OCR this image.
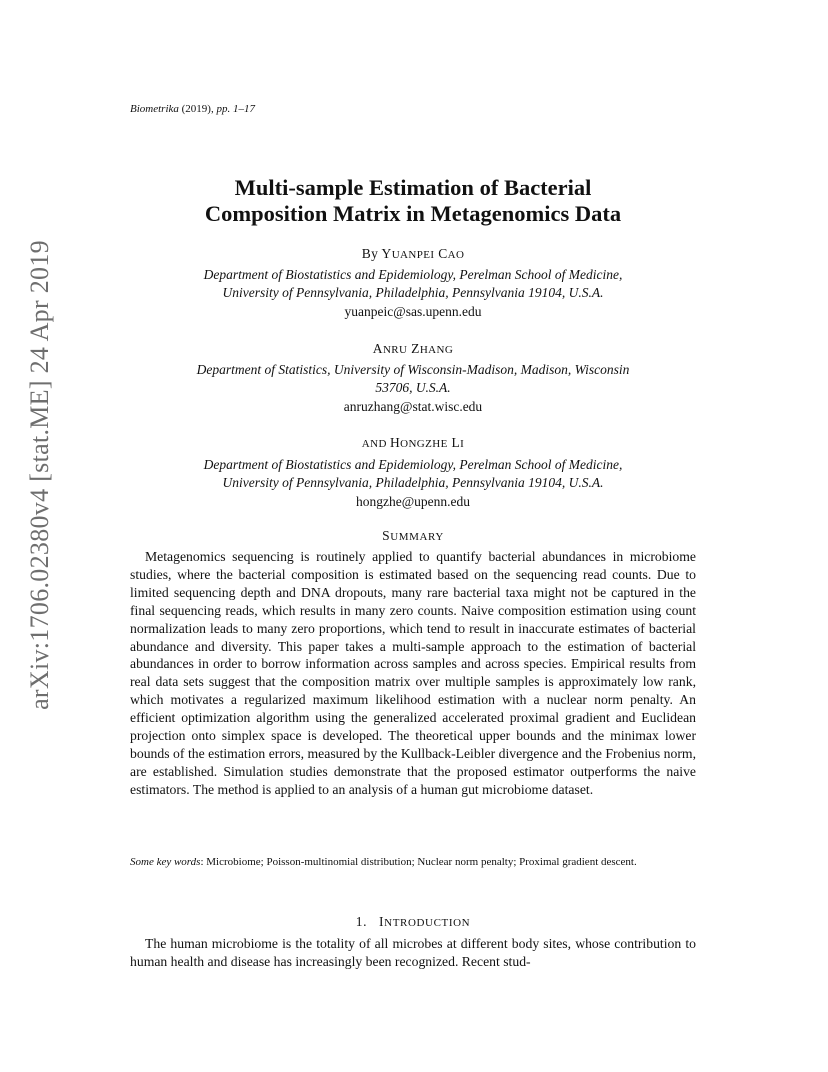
arXiv:1706.02380v4 [stat.ME] 24 Apr 2019
Biometrika (2019), pp. 1–17
Multi-sample Estimation of Bacterial
Composition Matrix in Metagenomics Data
By YUANPEI CAO
Department of Biostatistics and Epidemiology, Perelman School of Medicine,
University of Pennsylvania, Philadelphia, Pennsylvania 19104, U.S.A.
yuanpeic@sas.upenn.edu
ANRU ZHANG
Department of Statistics, University of Wisconsin-Madison, Madison, Wisconsin
53706, U.S.A.
anruzhang@stat.wisc.edu
AND HONGZHE LI
Department of Biostatistics and Epidemiology, Perelman School of Medicine,
University of Pennsylvania, Philadelphia, Pennsylvania 19104, U.S.A.
hongzhe@upenn.edu
SUMMARY
Metagenomics sequencing is routinely applied to quantify bacterial abundances in microbiome studies, where the bacterial composition is estimated based on the sequencing read counts. Due to limited sequencing depth and DNA dropouts, many rare bacterial taxa might not be captured in the final sequencing reads, which results in many zero counts. Naive composition estimation using count normalization leads to many zero proportions, which tend to result in inaccurate estimates of bacterial abundance and diversity. This paper takes a multi-sample approach to the estimation of bacterial abundances in order to borrow information across samples and across species. Empirical results from real data sets suggest that the composition matrix over multiple samples is approximately low rank, which motivates a regularized maximum likelihood estimation with a nuclear norm penalty. An efficient optimization algorithm using the generalized accelerated proximal gradient and Euclidean projection onto simplex space is developed. The theoretical upper bounds and the minimax lower bounds of the estimation errors, measured by the Kullback-Leibler divergence and the Frobenius norm, are established. Simulation studies demonstrate that the proposed estimator outperforms the naive estimators. The method is applied to an analysis of a human gut microbiome dataset.
Some key words: Microbiome; Poisson-multinomial distribution; Nuclear norm penalty; Proximal gradient descent.
1. INTRODUCTION
The human microbiome is the totality of all microbes at different body sites, whose contribution to human health and disease has increasingly been recognized. Recent stud-
